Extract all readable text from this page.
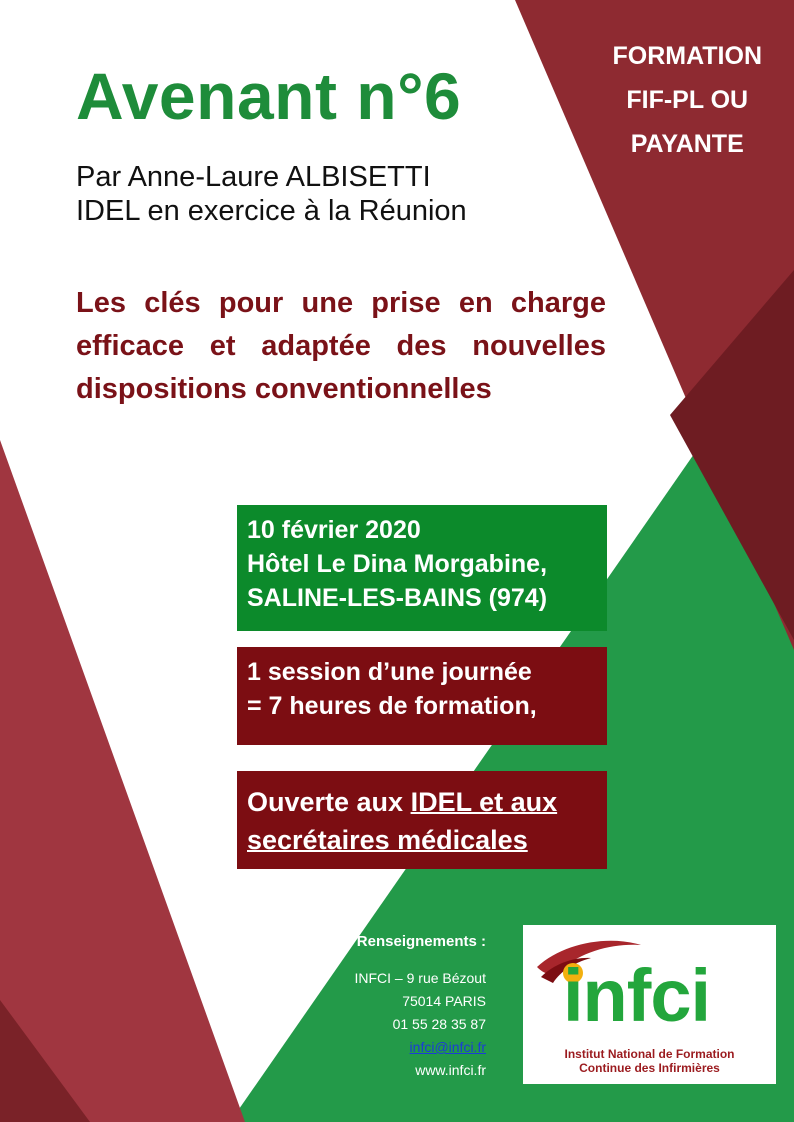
Avenant n°6
Par Anne-Laure ALBISETTI
IDEL en exercice à la Réunion
Les clés pour une prise en charge efficace et adaptée des nouvelles dispositions conventionnelles
FORMATION
FIF-PL OU
PAYANTE
10 février 2020
Hôtel Le Dina Morgabine,
SALINE-LES-BAINS (974)
1 session d’une journée
= 7 heures de formation,
Ouverte aux IDEL et aux
secrétaires médicales
Renseignements :
INFCI – 9 rue Bézout
75014 PARIS
01 55 28 35 87
infci@infci.fr
www.infci.fr
infci
Institut National de Formation
Continue des Infirmières
